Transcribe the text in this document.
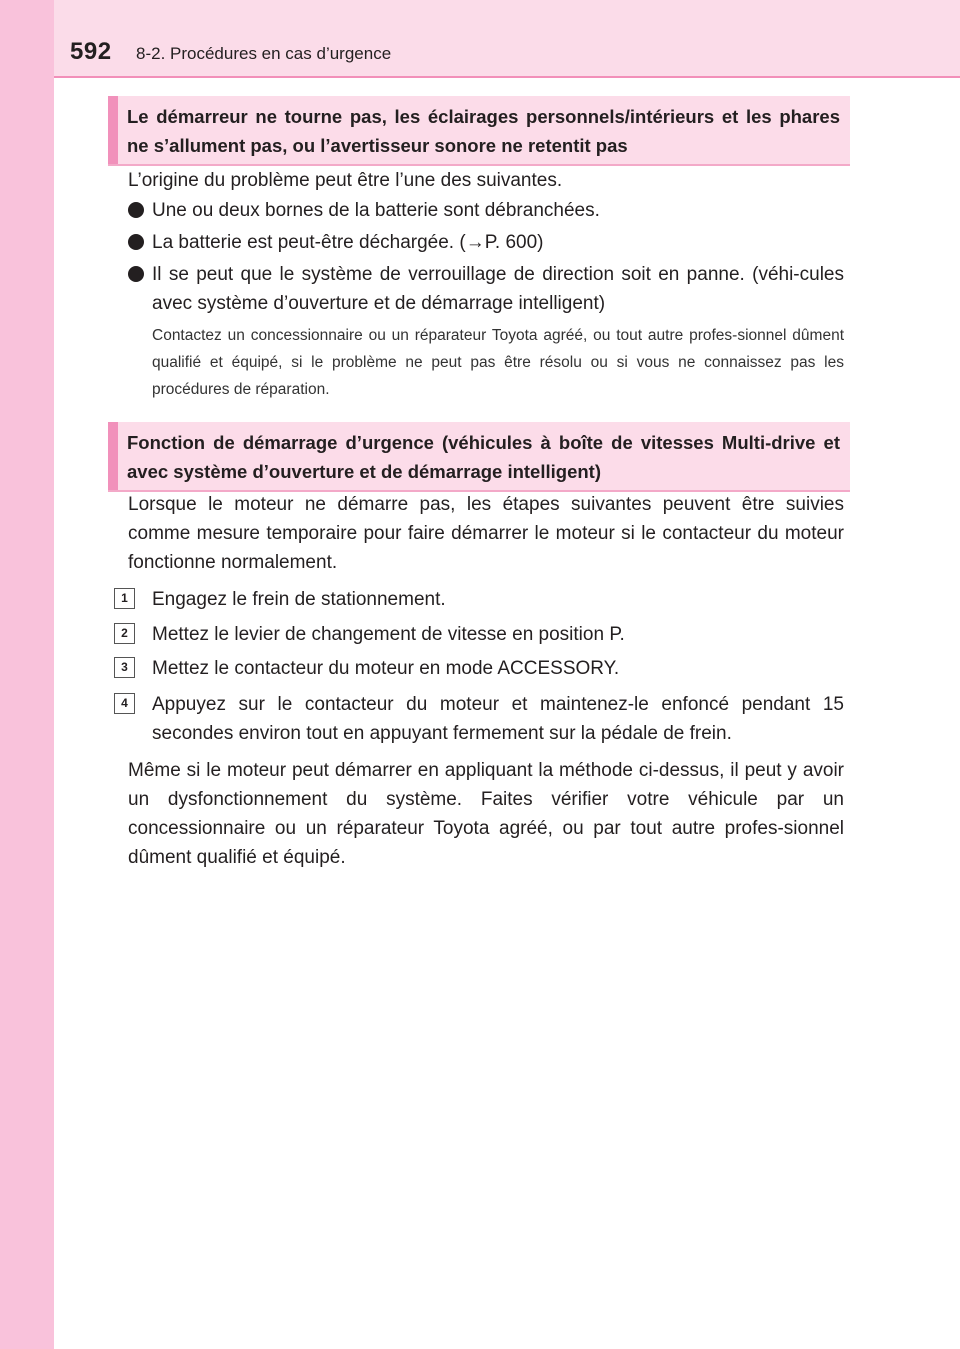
592 8-2. Procédures en cas d’urgence
Le démarreur ne tourne pas, les éclairages personnels/intérieurs et les phares ne s’allument pas, ou l’avertisseur sonore ne retentit pas
L’origine du problème peut être l’une des suivantes.
Une ou deux bornes de la batterie sont débranchées.
La batterie est peut-être déchargée. (→P. 600)
Il se peut que le système de verrouillage de direction soit en panne. (véhi-cules avec système d’ouverture et de démarrage intelligent)
Contactez un concessionnaire ou un réparateur Toyota agréé, ou tout autre profes-sionnel dûment qualifié et équipé, si le problème ne peut pas être résolu ou si vous ne connaissez pas les procédures de réparation.
Fonction de démarrage d’urgence (véhicules à boîte de vitesses Multi-drive et avec système d’ouverture et de démarrage intelligent)
Lorsque le moteur ne démarre pas, les étapes suivantes peuvent être suivies comme mesure temporaire pour faire démarrer le moteur si le contacteur du moteur fonctionne normalement.
1	Engagez le frein de stationnement.
2	Mettez le levier de changement de vitesse en position P.
3	Mettez le contacteur du moteur en mode ACCESSORY.
4	Appuyez sur le contacteur du moteur et maintenez-le enfoncé pendant 15 secondes environ tout en appuyant fermement sur la pédale de frein.
Même si le moteur peut démarrer en appliquant la méthode ci-dessus, il peut y avoir un dysfonctionnement du système. Faites vérifier votre véhicule par un concessionnaire ou un réparateur Toyota agréé, ou par tout autre profes-sionnel dûment qualifié et équipé.
